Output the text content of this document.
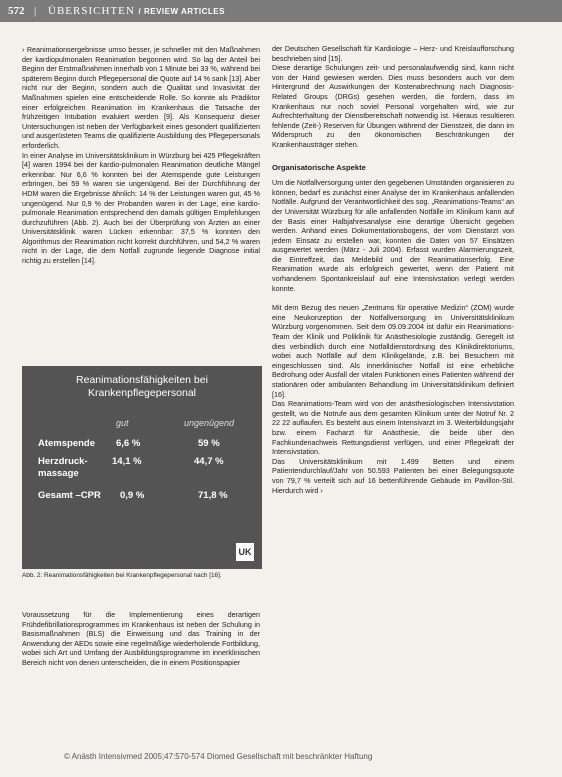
572 | ÜBERSICHTEN / REVIEW ARTICLES

› Reanimationsergebnisse umso besser, je schneller mit den Maßnahmen der kardiopulmonalen Reanimation begonnen wird. So lag der Anteil bei Beginn der Erstmaßnahmen innerhalb von 1 Minute bei 33 %, während bei späterem Beginn durch Pflegepersonal die Quote auf 14 % sank [13]. Aber nicht nur der Beginn, sondern auch die Qualität und Invasivität der Maßnahmen spielen eine entscheidende Rolle. So konnte als Prädiktor einer erfolgreichen Reanimation im Krankenhaus die Tatsache der frühzeitigen Intubation evaluiert werden [9]. Als Konsequenz dieser Untersuchungen ist neben der Verfügbarkeit eines gesondert qualifizierten und ausgerüsteten Teams die qualifizierte Ausbildung des Pflegepersonals erforderlich.

In einer Analyse im Universitätsklinikum in Würzburg bei 425 Pflegekräften [4] waren 1994 bei der kardio-pulmonalen Reanimation deutliche Mängel erkennbar. Nur 6,6 % konnten bei der Atemspende gute Leistungen erbringen, bei 59 % waren sie ungenügend. Bei der Durchführung der HDM waren die Ergebnisse ähnlich: 14 % der Leistungen waren gut, 45 % ungenügend. Nur 0,9 % der Probanden waren in der Lage, eine kardio-pulmonale Reanimation entsprechend den damals gültigen Empfehlungen durchzuführen (Abb. 2). Auch bei der Überprüfung von Ärzten an einer Universitätsklinik waren Lücken erkennbar: 37,5 % konnten den Algorithmus der Reanimation nicht korrekt durchführen, und 54,2 % waren nicht in der Lage, die dem Notfall zugrunde liegende Diagnose initial richtig zu erstellen [14].

Reanimationsfähigkeiten bei
Krankenpflegepersonal
gut	ungenügend
Atemspende 6,6 %	59 %
Herzdruck-
massage
14,1 %	44,7 %
Gesamt –CPR 0,9 %	71,8 %
UK
Abb. 2: Reanimationsfähigkeiten bei Krankenpflegepersonal nach [16].

Voraussetzung für die Implementierung eines derartigen Frühdefibrillationsprogrammes im Krankenhaus ist neben der Schulung in Basismaßnahmen (BLS) die Einweisung und das Training in der Anwendung der AEDs sowie eine regelmäßige wiederholende Fortbildung, wobei sich Art und Umfang der Ausbildungsprogramme im innerklinischen Bereich nicht von denen unterscheiden, die in einem Positionspapier

der Deutschen Gesellschaft für Kardiologie – Herz- und Kreislaufforschung beschrieben sind [15].

Diese derartige Schulungen zeit- und personalaufwendig sind, kann nicht von der Hand gewiesen werden. Dies muss besonders auch vor dem Hintergrund der Auswirkungen der Kostenabrechnung nach Diagnosis-Related Groups (DRGs) gesehen werden, die fordern, dass im Krankenhaus nur noch soviel Personal vorgehalten wird, wie zur Aufrechterhaltung der Dienstbereitschaft notwendig ist. Hieraus resultieren fehlende (Zeit-) Reserven für Übungen während der Dienstzeit, die dann im Widerspruch zu den ökonomischen Beschränkungen der Krankenhausträger stehen.

Organisatorische Aspekte

Um die Notfallversorgung unter den gegebenen Umständen organisieren zu können, bedarf es zunächst einer Analyse der im Krankenhaus anfallenden Notfälle. Aufgrund der Verantwortlichkeit des sog. „Reanimations-Teams“ an der Universität Würzburg für alle anfallenden Notfälle im Klinikum kann auf der Basis einer Halbjahresanalyse eine derartige Übersicht gegeben werden. Anhand eines Dokumentationsbogens, der vom Dienstarzt von jedem Einsatz zu erstellen war, konnten die Daten von 57 Einsätzen ausgewertet werden (März - Juli 2004). Erfasst wurden Alarmierungszeit, die Eintreffzeit, das Meldebild und der Reanimationserfolg. Eine Reanimation wurde als erfolgreich gewertet, wenn der Patient mit vorhandenem Spontankreislauf auf eine Intensivstation verlegt werden konnte.

Mit dem Bezug des neuen „Zentrums für operative Medizin“ (ZOM) wurde eine Neukonzeption der Notfallversorgung im Universitätsklinikum Würzburg vorgenommen. Seit dem 09.09.2004 ist dafür ein Reanimations-Team der Klinik und Poliklinik für Anästhesiologie zuständig. Geregelt ist dies verbindlich durch eine Notfalldienstordnung des Klinikdirektoriums, wobei auch Notfälle auf dem Klinikgelände, z.B. bei Besuchern mit eingeschlossen sind. Als innerklinischer Notfall ist eine erhebliche Bedrohung oder Ausfall der vitalen Funktionen eines Patienten während der stationären oder ambulanten Behandlung im Universitätsklinikum definiert [16].

Das Reanimations-Team wird von der anästhesiologischen Intensivstation gestellt, wo die Notrufe aus dem gesamten Klinikum unter der Notruf Nr. 2 22 22 auflaufen. Es besteht aus einem Intensivarzt im 3. Weiterbildungsjahr bzw. einem Facharzt für Anästhesie, die beide über den Fachkundenachweis Rettungsdienst verfügen, und einer Pflegekraft der Intensivstation.

Das Universitätsklinikum mit 1.499 Betten und einem Patientendurchlauf/Jahr von 50.593 Patienten bei einer Belegungsquote von 79,7 % verteilt sich auf 16 bettenführende Gebäude im Pavillon-Stil. Hierdurch wird ›

© Anästh Intensivmed 2005;47:570-574 Diomed Gesellschaft mit beschränkter Haftung
